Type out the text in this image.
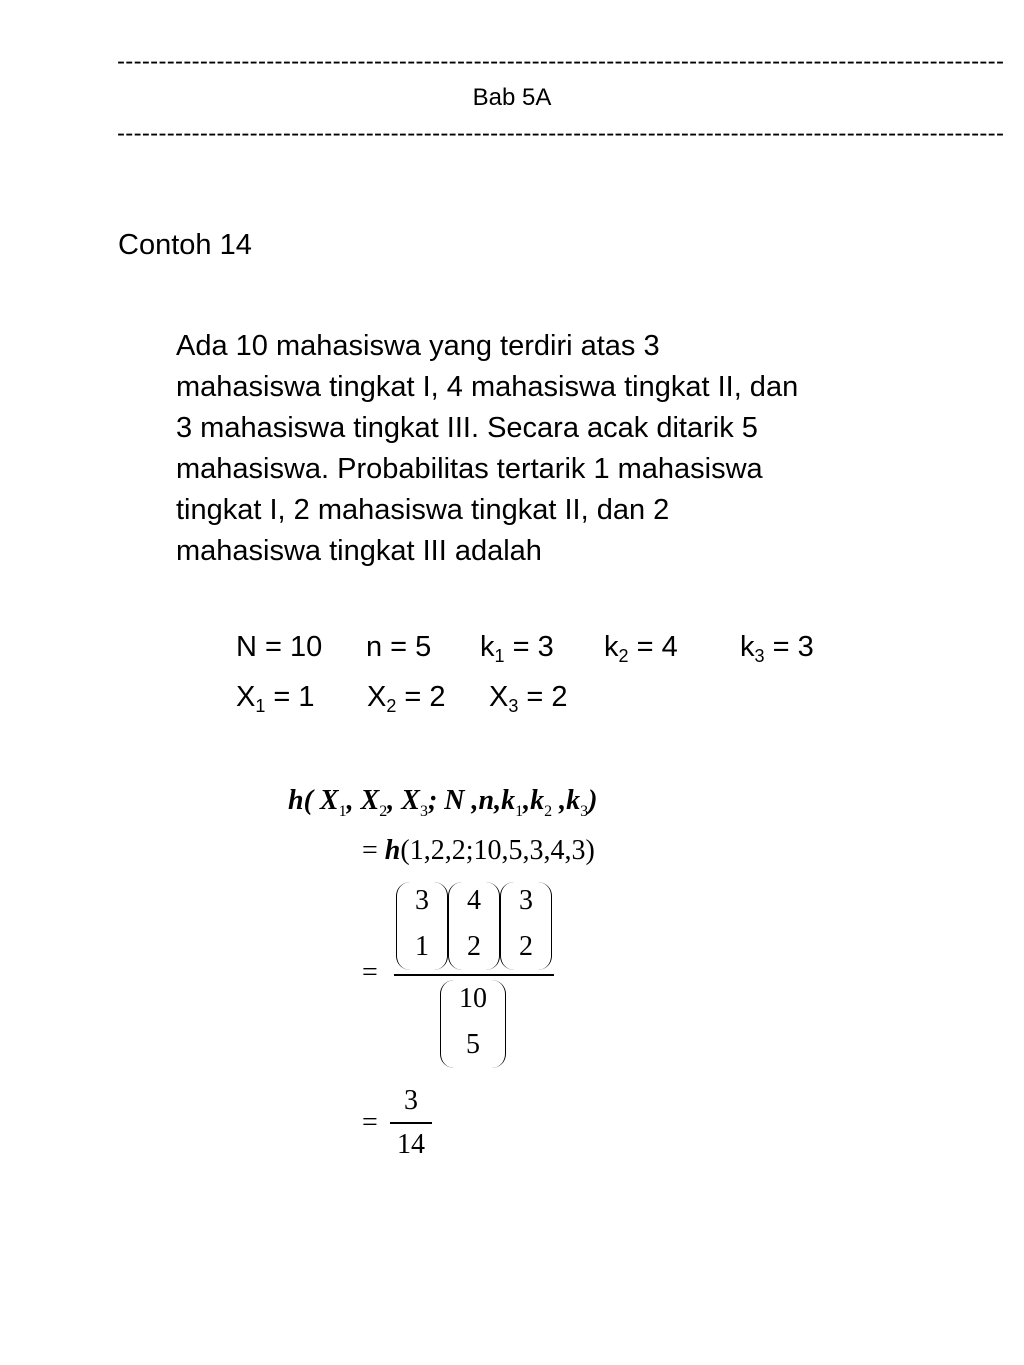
-----------------------------------------------------------------------------------------------------------
Bab 5A
-----------------------------------------------------------------------------------------------------------
Contoh 14
Ada 10 mahasiswa yang terdiri atas 3
mahasiswa tingkat I, 4 mahasiswa tingkat II, dan
3 mahasiswa tingkat III. Secara acak ditarik 5
mahasiswa. Probabilitas tertarik 1 mahasiswa
tingkat I, 2 mahasiswa tingkat II, dan 2
mahasiswa tingkat III adalah
N = 10 n = 5 $k_1 = 3$ $k_2 = 4$ $k_3 = 3$
$X_1 = 1$ $X_2 = 2$ $X_3 = 2$
h( $X_1$, $X_2$, $X_3$; N $,n,k_1,k_2$ $,k_3$)
= h(1,2,2;10,5,3,4,3)
=
3
1
4
2
3
2
10
5
=
3
14
